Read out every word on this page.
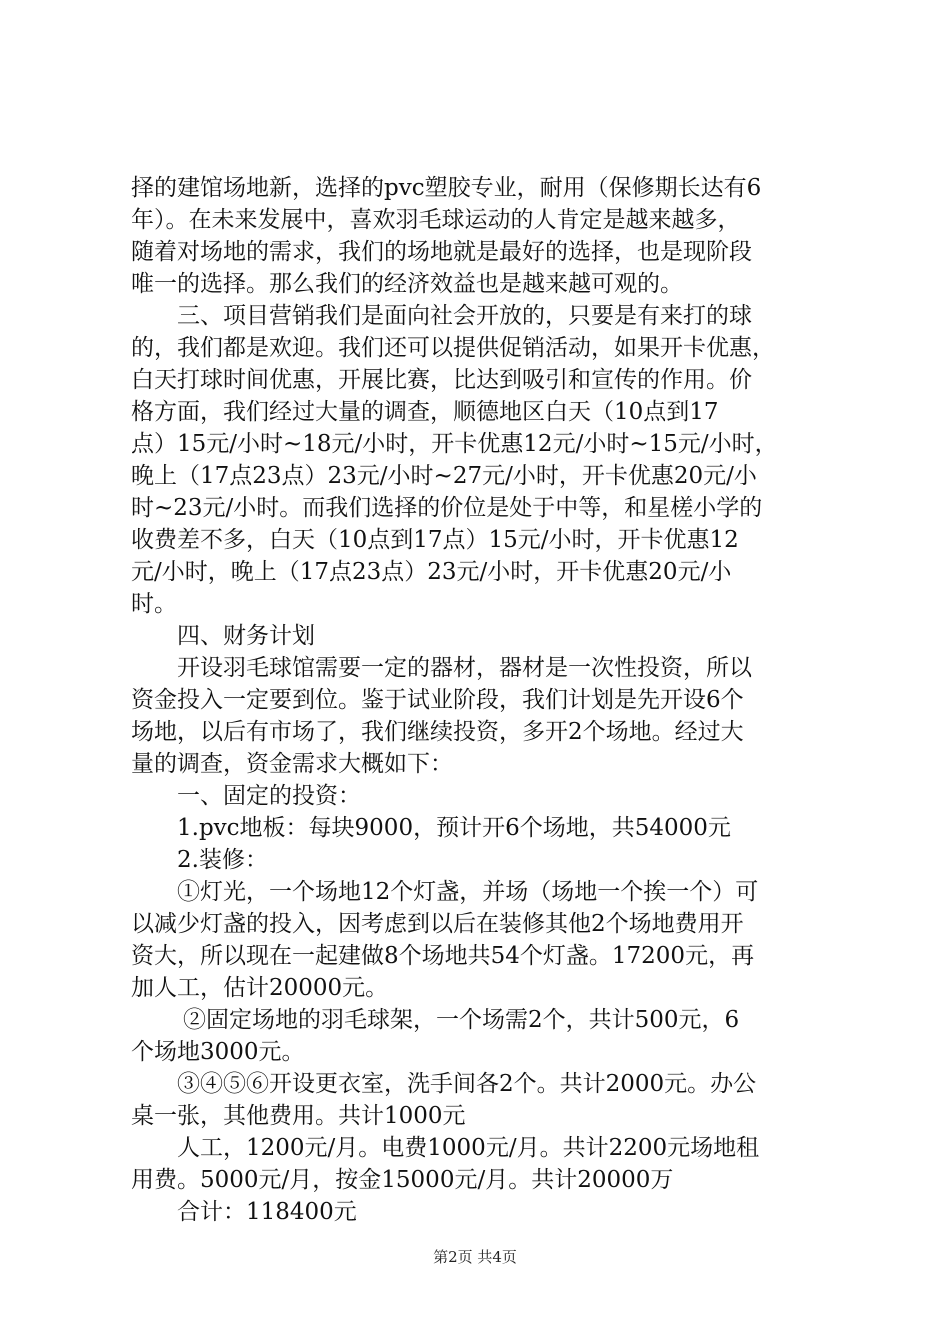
择的建馆场地新，选择的pvc塑胶专业，耐用（保修期长达有6
年）。在未来发展中，喜欢羽毛球运动的人肯定是越来越多，
随着对场地的需求，我们的场地就是最好的选择，也是现阶段
唯一的选择。那么我们的经济效益也是越来越可观的。
三、项目营销我们是面向社会开放的，只要是有来打的球
的，我们都是欢迎。我们还可以提供促销活动，如果开卡优惠，
白天打球时间优惠，开展比赛，比达到吸引和宣传的作用。价
格方面，我们经过大量的调查，顺德地区白天（10点到17
点）15元/小时~18元/小时，开卡优惠12元/小时~15元/小时，
晚上（17点23点）23元/小时~27元/小时，开卡优惠20元/小
时~23元/小时。而我们选择的价位是处于中等，和星槎小学的
收费差不多，白天（10点到17点）15元/小时，开卡优惠12
元/小时，晚上（17点23点）23元/小时，开卡优惠20元/小
时。
四、财务计划
开设羽毛球馆需要一定的器材，器材是一次性投资，所以
资金投入一定要到位。鉴于试业阶段，我们计划是先开设6个
场地，以后有市场了，我们继续投资，多开2个场地。经过大
量的调查，资金需求大概如下：
一、固定的投资：
1.pvc地板：每块9000，预计开6个场地，共54000元
2.装修：
①灯光，一个场地12个灯盏，并场（场地一个挨一个）可
以减少灯盏的投入，因考虑到以后在装修其他2个场地费用开
资大，所以现在一起建做8个场地共54个灯盏。17200元，再
加人工，估计20000元。
②固定场地的羽毛球架，一个场需2个，共计500元，6
个场地3000元。
③④⑤⑥开设更衣室，洗手间各2个。共计2000元。办公
桌一张，其他费用。共计1000元
人工，1200元/月。电费1000元/月。共计2200元场地租
用费。5000元/月，按金15000元/月。共计20000万
合计：118400元
第2页 共4页
